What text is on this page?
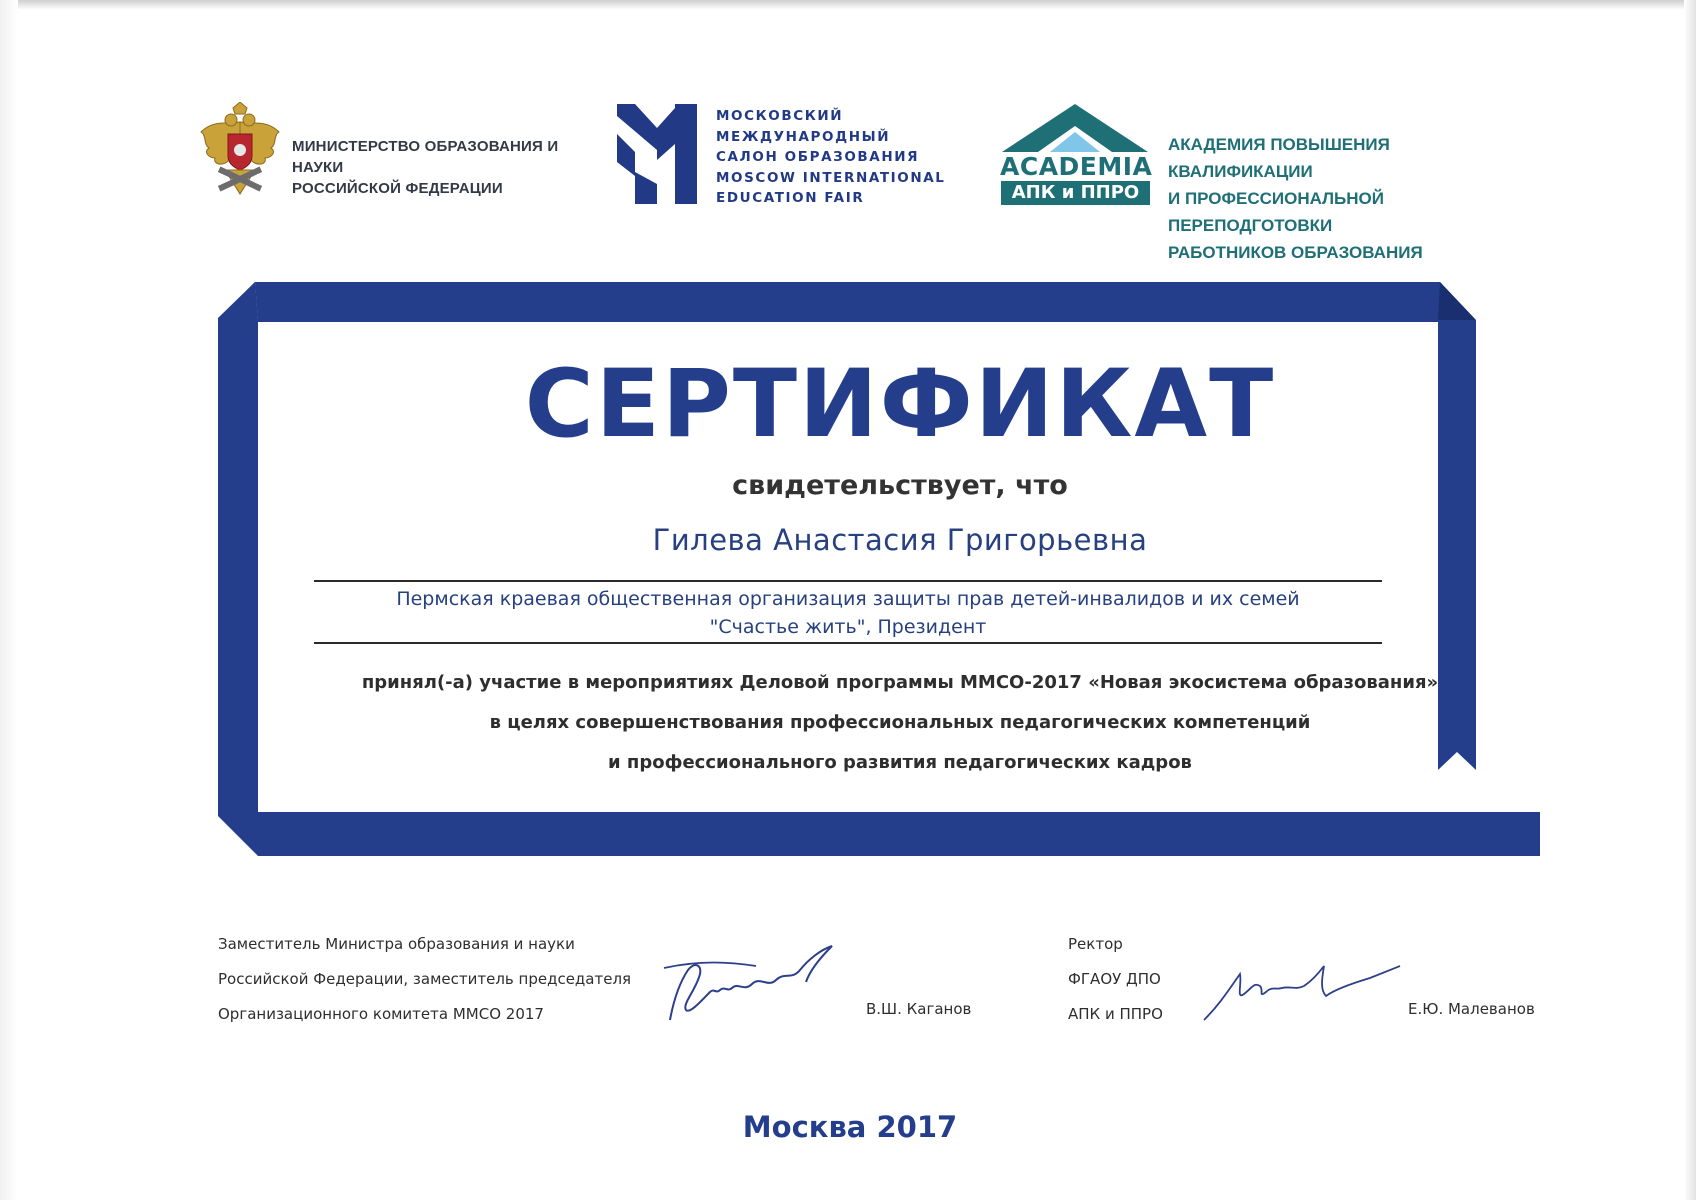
МИНИСТЕРСТВО ОБРАЗОВАНИЯ И НАУКИ
РОССИЙСКОЙ ФЕДЕРАЦИИ
МОСКОВСКИЙ
МЕЖДУНАРОДНЫЙ
САЛОН ОБРАЗОВАНИЯ
MOSCOW INTERNATIONAL
EDUCATION FAIR
ACADEMIA
АПК и ППРО
АКАДЕМИЯ ПОВЫШЕНИЯ КВАЛИФИКАЦИИ
И ПРОФЕССИОНАЛЬНОЙ ПЕРЕПОДГОТОВКИ
РАБОТНИКОВ ОБРАЗОВАНИЯ
СЕРТИФИКАТ
свидетельствует, что
Гилева Анастасия Григорьевна
Пермская краевая общественная организация защиты прав детей-инвалидов и их семей
"Счастье жить", Президент
принял(-а) участие в мероприятиях Деловой программы ММСО-2017 «Новая экосистема образования»
в целях совершенствования профессиональных педагогических компетенций
и профессионального развития педагогических кадров
Заместитель Министра образования и науки
Российской Федерации, заместитель председателя
Организационного комитета ММСО 2017	В.Ш. Каганов
Ректор
ФГАОУ ДПО
АПК и ППРО	Е.Ю. Малеванов
Москва 2017
